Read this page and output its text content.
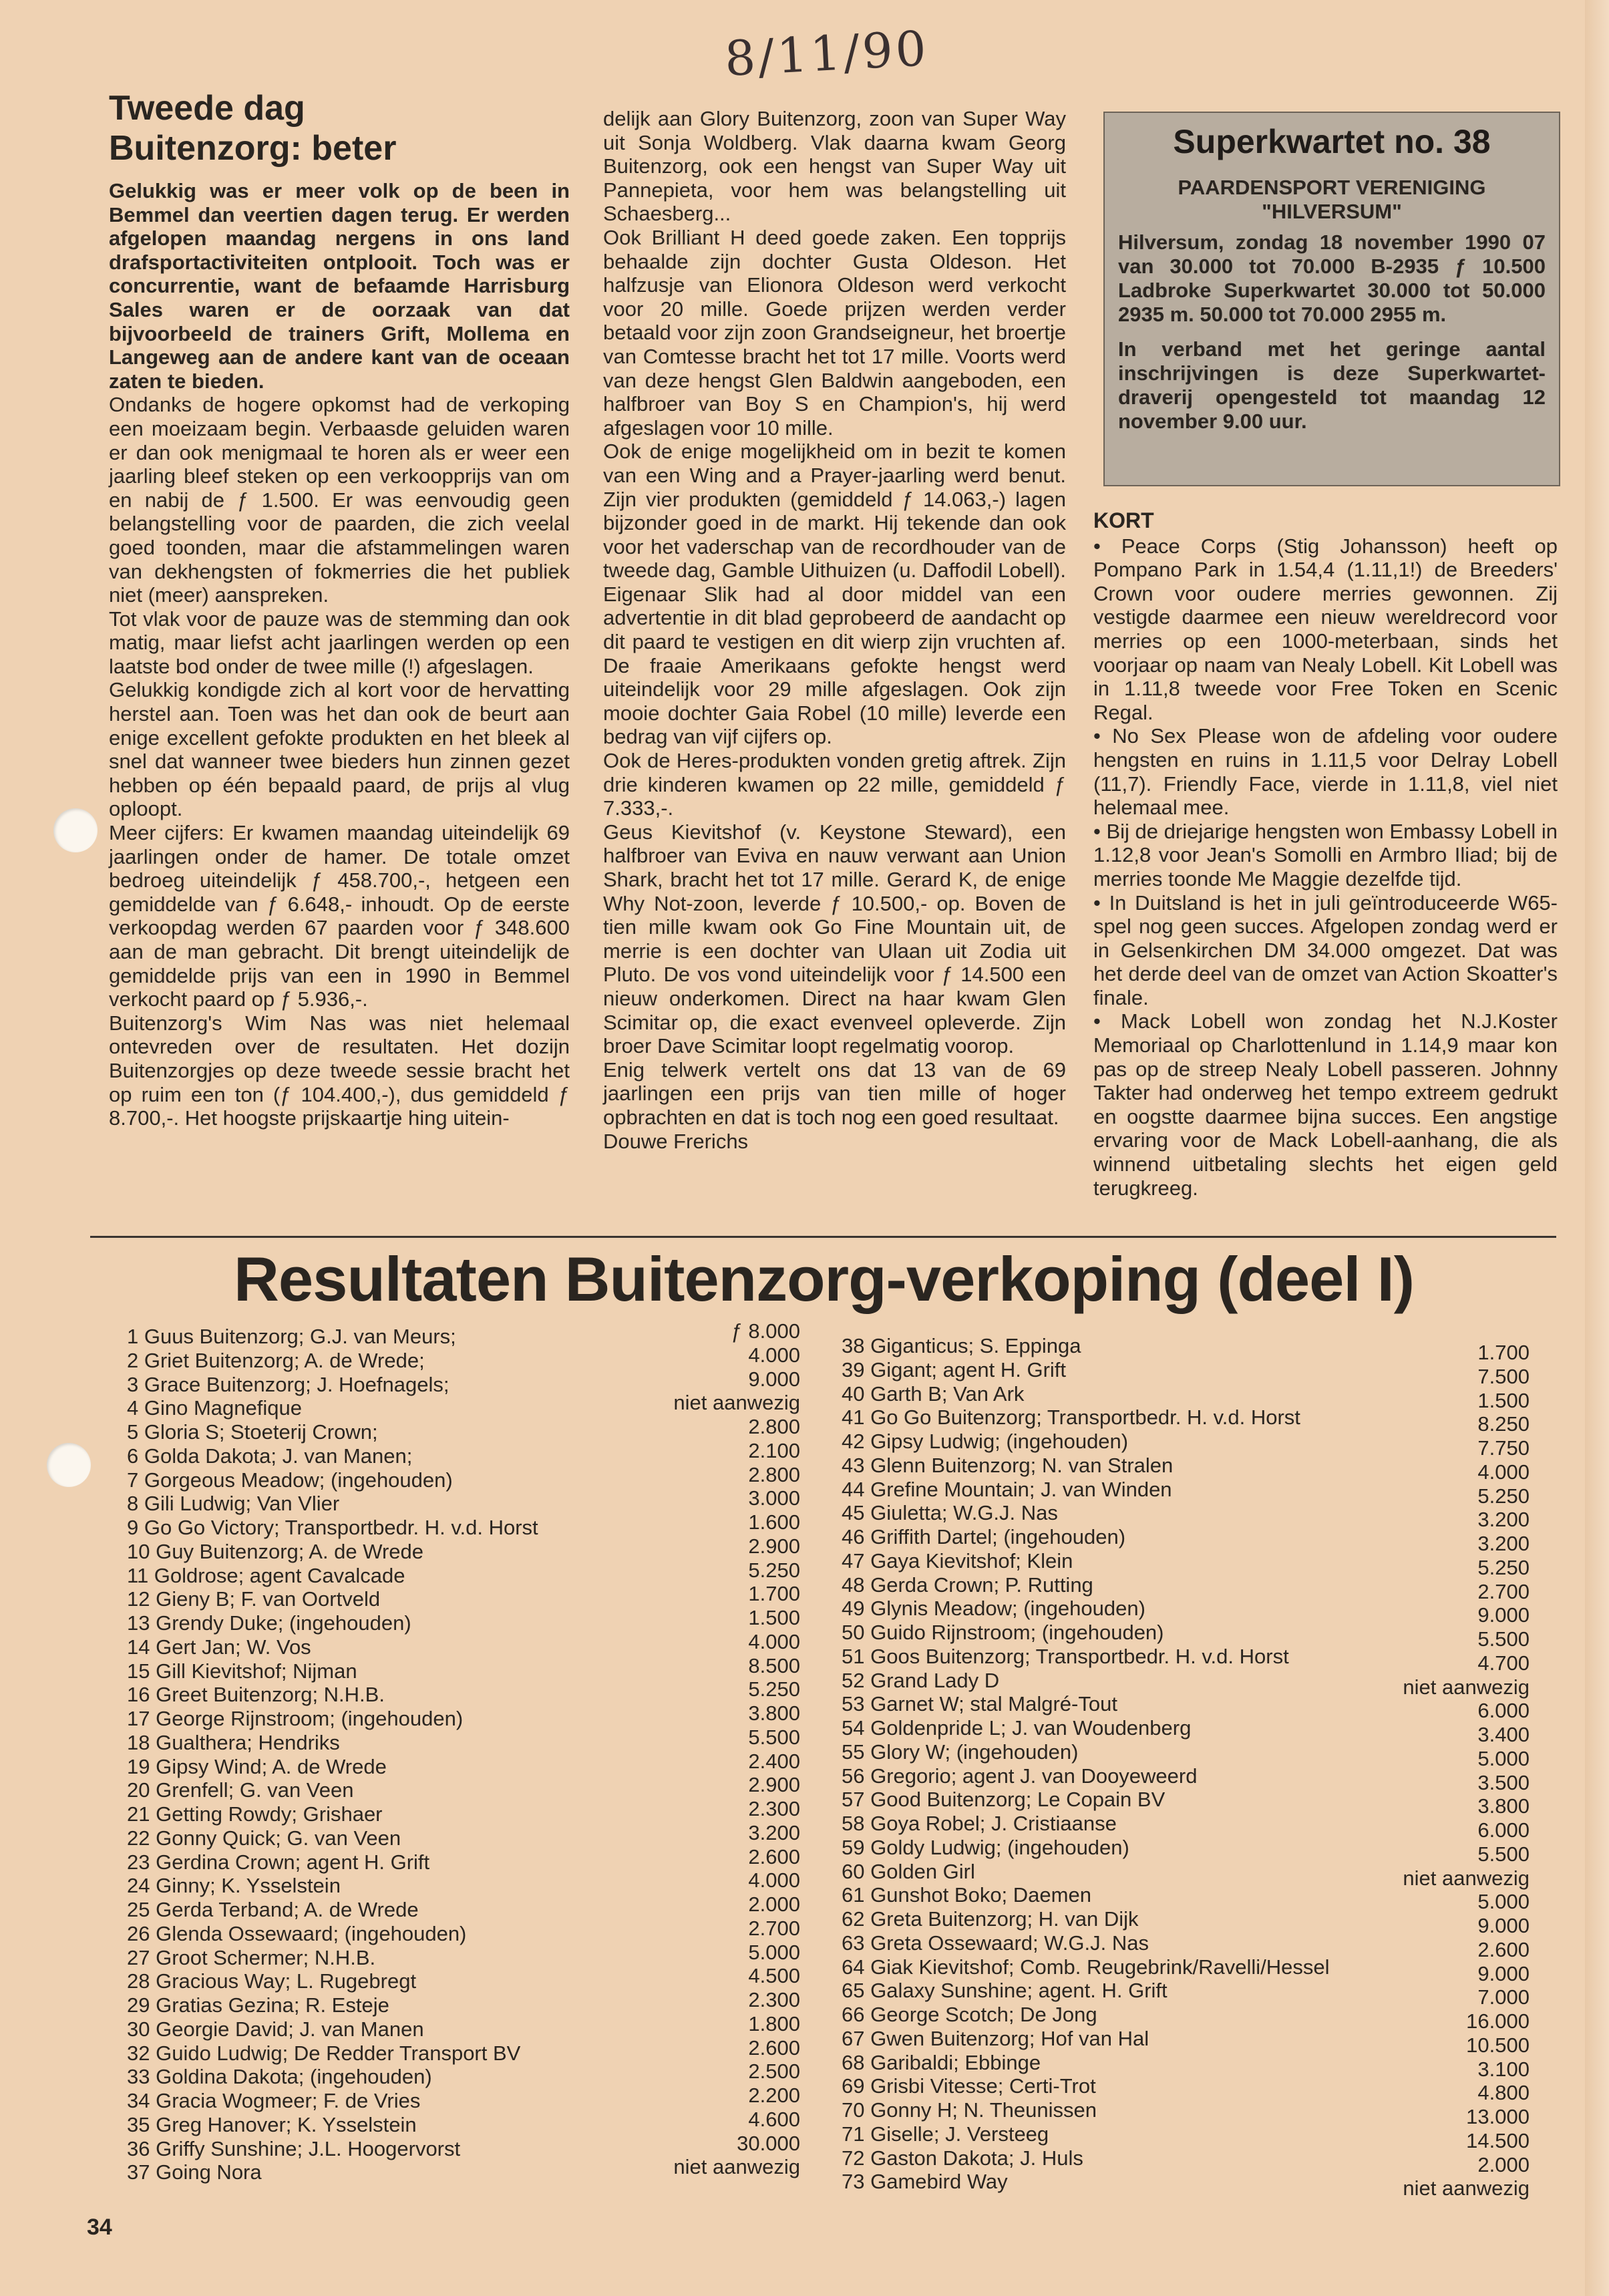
8/11/90
Tweede dag
Buitenzorg: beter

Gelukkig was er meer volk op de been in Bemmel dan veertien dagen terug. Er werden afgelopen maandag nergens in ons land drafsportactiviteiten ontplooit. Toch was er concurrentie, want de befaamde Harrisburg Sales waren er de oorzaak van dat bijvoorbeeld de trainers Grift, Mollema en Langeweg aan de andere kant van de oceaan zaten te bieden.

Ondanks de hogere opkomst had de verkoping een moeizaam begin. Verbaasde geluiden waren er dan ook menigmaal te horen als er weer een jaarling bleef steken op een verkoopprijs van om en nabij de ƒ 1.500. Er was eenvoudig geen belangstelling voor de paarden, die zich veelal goed toonden, maar die afstammelingen waren van dekhengsten of fokmerries die het publiek niet (meer) aanspreken.

Tot vlak voor de pauze was de stemming dan ook matig, maar liefst acht jaarlingen werden op een laatste bod onder de twee mille (!) afgeslagen.

Gelukkig kondigde zich al kort voor de hervatting herstel aan. Toen was het dan ook de beurt aan enige excellent gefokte produkten en het bleek al snel dat wanneer twee bieders hun zinnen gezet hebben op één bepaald paard, de prijs al vlug oploopt.

Meer cijfers: Er kwamen maandag uiteindelijk 69 jaarlingen onder de hamer. De totale omzet bedroeg uiteindelijk ƒ 458.700,-, hetgeen een gemiddelde van ƒ 6.648,- inhoudt. Op de eerste verkoopdag werden 67 paarden voor ƒ 348.600 aan de man gebracht. Dit brengt uiteindelijk de gemiddelde prijs van een in 1990 in Bemmel verkocht paard op ƒ 5.936,-.

Buitenzorg's Wim Nas was niet helemaal ontevreden over de resultaten. Het dozijn Buitenzorgjes op deze tweede sessie bracht het op ruim een ton (ƒ 104.400,-), dus gemiddeld ƒ 8.700,-. Het hoogste prijskaartje hing uitein-

delijk aan Glory Buitenzorg, zoon van Super Way uit Sonja Woldberg. Vlak daarna kwam Georg Buitenzorg, ook een hengst van Super Way uit Pannepieta, voor hem was belangstelling uit Schaesberg...

Ook Brilliant H deed goede zaken. Een topprijs behaalde zijn dochter Gusta Oldeson. Het halfzusje van Elionora Oldeson werd verkocht voor 20 mille. Goede prijzen werden verder betaald voor zijn zoon Grandseigneur, het broertje van Comtesse bracht het tot 17 mille. Voorts werd van deze hengst Glen Baldwin aangeboden, een halfbroer van Boy S en Champion's, hij werd afgeslagen voor 10 mille.

Ook de enige mogelijkheid om in bezit te komen van een Wing and a Prayer-jaarling werd benut. Zijn vier produkten (gemiddeld ƒ 14.063,-) lagen bijzonder goed in de markt. Hij tekende dan ook voor het vaderschap van de recordhouder van de tweede dag, Gamble Uithuizen (u. Daffodil Lobell). Eigenaar Slik had al door middel van een advertentie in dit blad geprobeerd de aandacht op dit paard te vestigen en dit wierp zijn vruchten af. De fraaie Amerikaans gefokte hengst werd uiteindelijk voor 29 mille afgeslagen. Ook zijn mooie dochter Gaia Robel (10 mille) leverde een bedrag van vijf cijfers op.

Ook de Heres-produkten vonden gretig aftrek. Zijn drie kinderen kwamen op 22 mille, gemiddeld ƒ 7.333,-.

Geus Kievitshof (v. Keystone Steward), een halfbroer van Eviva en nauw verwant aan Union Shark, bracht het tot 17 mille. Gerard K, de enige Why Not-zoon, leverde ƒ 10.500,- op. Boven de tien mille kwam ook Go Fine Mountain uit, de merrie is een dochter van Ulaan uit Zodia uit Pluto. De vos vond uiteindelijk voor ƒ 14.500 een nieuw onderkomen. Direct na haar kwam Glen Scimitar op, die exact evenveel opleverde. Zijn broer Dave Scimitar loopt regelmatig voorop.

Enig telwerk vertelt ons dat 13 van de 69 jaarlingen een prijs van tien mille of hoger opbrachten en dat is toch nog een goed resultaat.

Douwe Frerichs

Superkwartet no. 38
PAARDENSPORT VERENIGING
"HILVERSUM"

Hilversum, zondag 18 november 1990 07 van 30.000 tot 70.000 B-2935 ƒ 10.500 Ladbroke Superkwartet 30.000 tot 50.000 2935 m. 50.000 tot 70.000 2955 m.

In verband met het geringe aantal inschrijvingen is deze Superkwartet-draverij opengesteld tot maandag 12 november 9.00 uur.

KORT

• Peace Corps (Stig Johansson) heeft op Pompano Park in 1.54,4 (1.11,1!) de Breeders' Crown voor oudere merries gewonnen. Zij vestigde daarmee een nieuw wereldrecord voor merries op een 1000-meterbaan, sinds het voorjaar op naam van Nealy Lobell. Kit Lobell was in 1.11,8 tweede voor Free Token en Scenic Regal.

• No Sex Please won de afdeling voor oudere hengsten en ruins in 1.11,5 voor Delray Lobell (11,7). Friendly Face, vierde in 1.11,8, viel niet helemaal mee.

• Bij de driejarige hengsten won Embassy Lobell in 1.12,8 voor Jean's Somolli en Armbro Iliad; bij de merries toonde Me Maggie dezelfde tijd.

• In Duitsland is het in juli geïntroduceerde W65-spel nog geen succes. Afgelopen zondag werd er in Gelsenkirchen DM 34.000 omgezet. Dat was het derde deel van de omzet van Action Skoatter's finale.

• Mack Lobell won zondag het N.J.Koster Memoriaal op Charlottenlund in 1.14,9 maar kon pas op de streep Nealy Lobell passeren. Johnny Takter had onderweg het tempo extreem gedrukt en oogstte daarmee bijna succes. Een angstige ervaring voor de Mack Lobell-aanhang, die als winnend uitbetaling slechts het eigen geld terugkreeg.

Resultaten Buitenzorg-verkoping (deel I)
1 Guus Buitenzorg; G.J. van Meurs;
2 Griet Buitenzorg; A. de Wrede;
3 Grace Buitenzorg; J. Hoefnagels;
4 Gino Magnefique
5 Gloria S; Stoeterij Crown;
6 Golda Dakota; J. van Manen;
7 Gorgeous Meadow; (ingehouden)
8 Gili Ludwig; Van Vlier
9 Go Go Victory; Transportbedr. H. v.d. Horst
10 Guy Buitenzorg; A. de Wrede
11 Goldrose; agent Cavalcade
12 Gieny B; F. van Oortveld
13 Grendy Duke; (ingehouden)
14 Gert Jan; W. Vos
15 Gill Kievitshof; Nijman
16 Greet Buitenzorg; N.H.B.
17 George Rijnstroom; (ingehouden)
18 Gualthera; Hendriks
19 Gipsy Wind; A. de Wrede
20 Grenfell; G. van Veen
21 Getting Rowdy; Grishaer
22 Gonny Quick; G. van Veen
23 Gerdina Crown; agent H. Grift
24 Ginny; K. Ysselstein
25 Gerda Terband; A. de Wrede
26 Glenda Ossewaard; (ingehouden)
27 Groot Schermer; N.H.B.
28 Gracious Way; L. Rugebregt
29 Gratias Gezina; R. Esteje
30 Georgie David; J. van Manen
32 Guido Ludwig; De Redder Transport BV
33 Goldina Dakota; (ingehouden)
34 Gracia Wogmeer; F. de Vries
35 Greg Hanover; K. Ysselstein
36 Griffy Sunshine; J.L. Hoogervorst
37 Going Nora
ƒ 8.000
4.000
9.000
niet aanwezig
2.800
2.100
2.800
3.000
1.600
2.900
5.250
1.700
1.500
4.000
8.500
5.250
3.800
5.500
2.400
2.900
2.300
3.200
2.600
4.000
2.000
2.700
5.000
4.500
2.300
1.800
2.600
2.500
2.200
4.600
30.000
niet aanwezig
38 Giganticus; S. Eppinga
39 Gigant; agent H. Grift
40 Garth B; Van Ark
41 Go Go Buitenzorg; Transportbedr. H. v.d. Horst
42 Gipsy Ludwig; (ingehouden)
43 Glenn Buitenzorg; N. van Stralen
44 Grefine Mountain; J. van Winden
45 Giuletta; W.G.J. Nas
46 Griffith Dartel; (ingehouden)
47 Gaya Kievitshof; Klein
48 Gerda Crown; P. Rutting
49 Glynis Meadow; (ingehouden)
50 Guido Rijnstroom; (ingehouden)
51 Goos Buitenzorg; Transportbedr. H. v.d. Horst
52 Grand Lady D
53 Garnet W; stal Malgré-Tout
54 Goldenpride L; J. van Woudenberg
55 Glory W; (ingehouden)
56 Gregorio; agent J. van Dooyeweerd
57 Good Buitenzorg; Le Copain BV
58 Goya Robel; J. Cristiaanse
59 Goldy Ludwig; (ingehouden)
60 Golden Girl
61 Gunshot Boko; Daemen
62 Greta Buitenzorg; H. van Dijk
63 Greta Ossewaard; W.G.J. Nas
64 Giak Kievitshof; Comb. Reugebrink/Ravelli/Hessel
65 Galaxy Sunshine; agent. H. Grift
66 George Scotch; De Jong
67 Gwen Buitenzorg; Hof van Hal
68 Garibaldi; Ebbinge
69 Grisbi Vitesse; Certi-Trot
70 Gonny H; N. Theunissen
71 Giselle; J. Versteeg
72 Gaston Dakota; J. Huls
73 Gamebird Way
1.700
7.500
1.500
8.250
7.750
4.000
5.250
3.200
3.200
5.250
2.700
9.000
5.500
4.700
niet aanwezig
6.000
3.400
5.000
3.500
3.800
6.000
5.500
niet aanwezig
5.000
9.000
2.600
9.000
7.000
16.000
10.500
3.100
4.800
13.000
14.500
2.000
niet aanwezig
34
